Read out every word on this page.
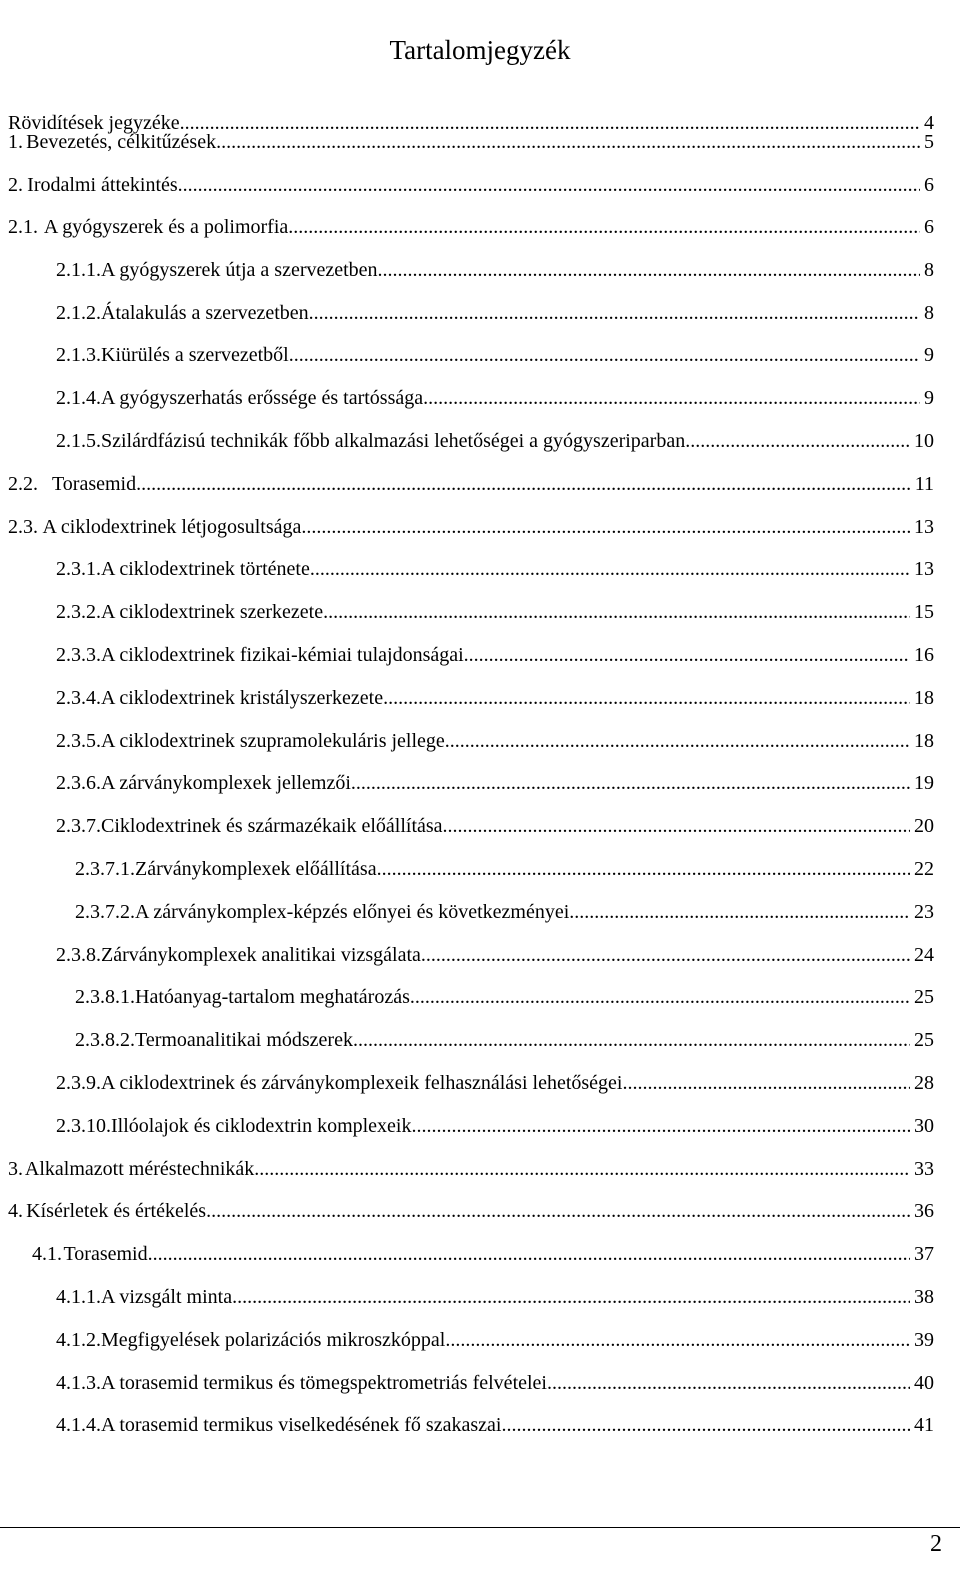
Tartalomjegyzék
Rövidítések jegyzéke .....	4
1. Bevezetés, célkitűzések .....	5
2. Irodalmi áttekintés .....	6
2.1. A gyógyszerek és a polimorfia .....	6
2.1.1. A gyógyszerek útja a szervezetben .....	8
2.1.2. Átalakulás a szervezetben .....	8
2.1.3. Kiürülés a szervezetből .....	9
2.1.4. A gyógyszerhatás erőssége és tartóssága .....	9
2.1.5. Szilárdfázisú technikák főbb alkalmazási lehetőségei a gyógyszeriparban .....	10
2.2. Torasemid .....	11
2.3. A ciklodextrinek létjogosultsága .....	13
2.3.1. A ciklodextrinek története .....	13
2.3.2. A ciklodextrinek szerkezete .....	15
2.3.3. A ciklodextrinek fizikai-kémiai tulajdonságai .....	16
2.3.4. A ciklodextrinek kristályszerkezete .....	18
2.3.5. A ciklodextrinek szupramolekuláris jellege .....	18
2.3.6. A zárványkomplexek jellemzői .....	19
2.3.7. Ciklodextrinek és származékaik előállítása .....	20
2.3.7.1. Zárványkomplexek előállítása .....	22
2.3.7.2. A zárványkomplex-képzés előnyei és következményei .....	23
2.3.8. Zárványkomplexek analitikai vizsgálata .....	24
2.3.8.1. Hatóanyag-tartalom meghatározás .....	25
2.3.8.2. Termoanalitikai módszerek .....	25
2.3.9. A ciklodextrinek és zárványkomplexeik felhasználási lehetőségei .....	28
2.3.10. Illóolajok és ciklodextrin komplexeik .....	30
3. Alkalmazott méréstechnikák .....	33
4. Kísérletek és értékelés .....	36
4.1. Torasemid .....	37
4.1.1. A vizsgált minta .....	38
4.1.2. Megfigyelések polarizációs mikroszkóppal .....	39
4.1.3. A torasemid termikus és tömegspektrometriás felvételei .....	40
4.1.4. A torasemid termikus viselkedésének fő szakaszai .....	41
2
